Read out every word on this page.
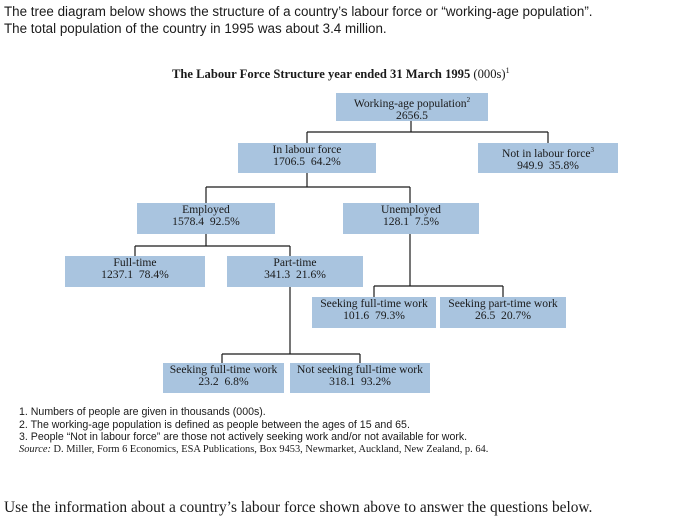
The tree diagram below shows the structure of a country’s labour force or “working-age population”.
The total population of the country in 1995 was about 3.4 million.
The Labour Force Structure year ended 31 March 1995 $(000s)^1$
Working-age population$^2$
2656.5
In labour force
1706.5  64.2%
Not in labour force$^3$
949.9  35.8%
Employed
1578.4  92.5%
Unemployed
128.1  7.5%
Full-time
1237.1  78.4%
Part-time
341.3  21.6%
Seeking full-time work
101.6  79.3%
Seeking part-time work
26.5  20.7%
Seeking full-time work
23.2  6.8%
Not seeking full-time work
318.1  93.2%
1. Numbers of people are given in thousands (000s).
2. The working-age population is defined as people between the ages of 15 and 65.
3. People “Not in labour force” are those not actively seeking work and/or not available for work.
Source: D. Miller, Form 6 Economics, ESA Publications, Box 9453, Newmarket, Auckland, New Zealand, p. 64.
Use the information about a country’s labour force shown above to answer the questions below.
